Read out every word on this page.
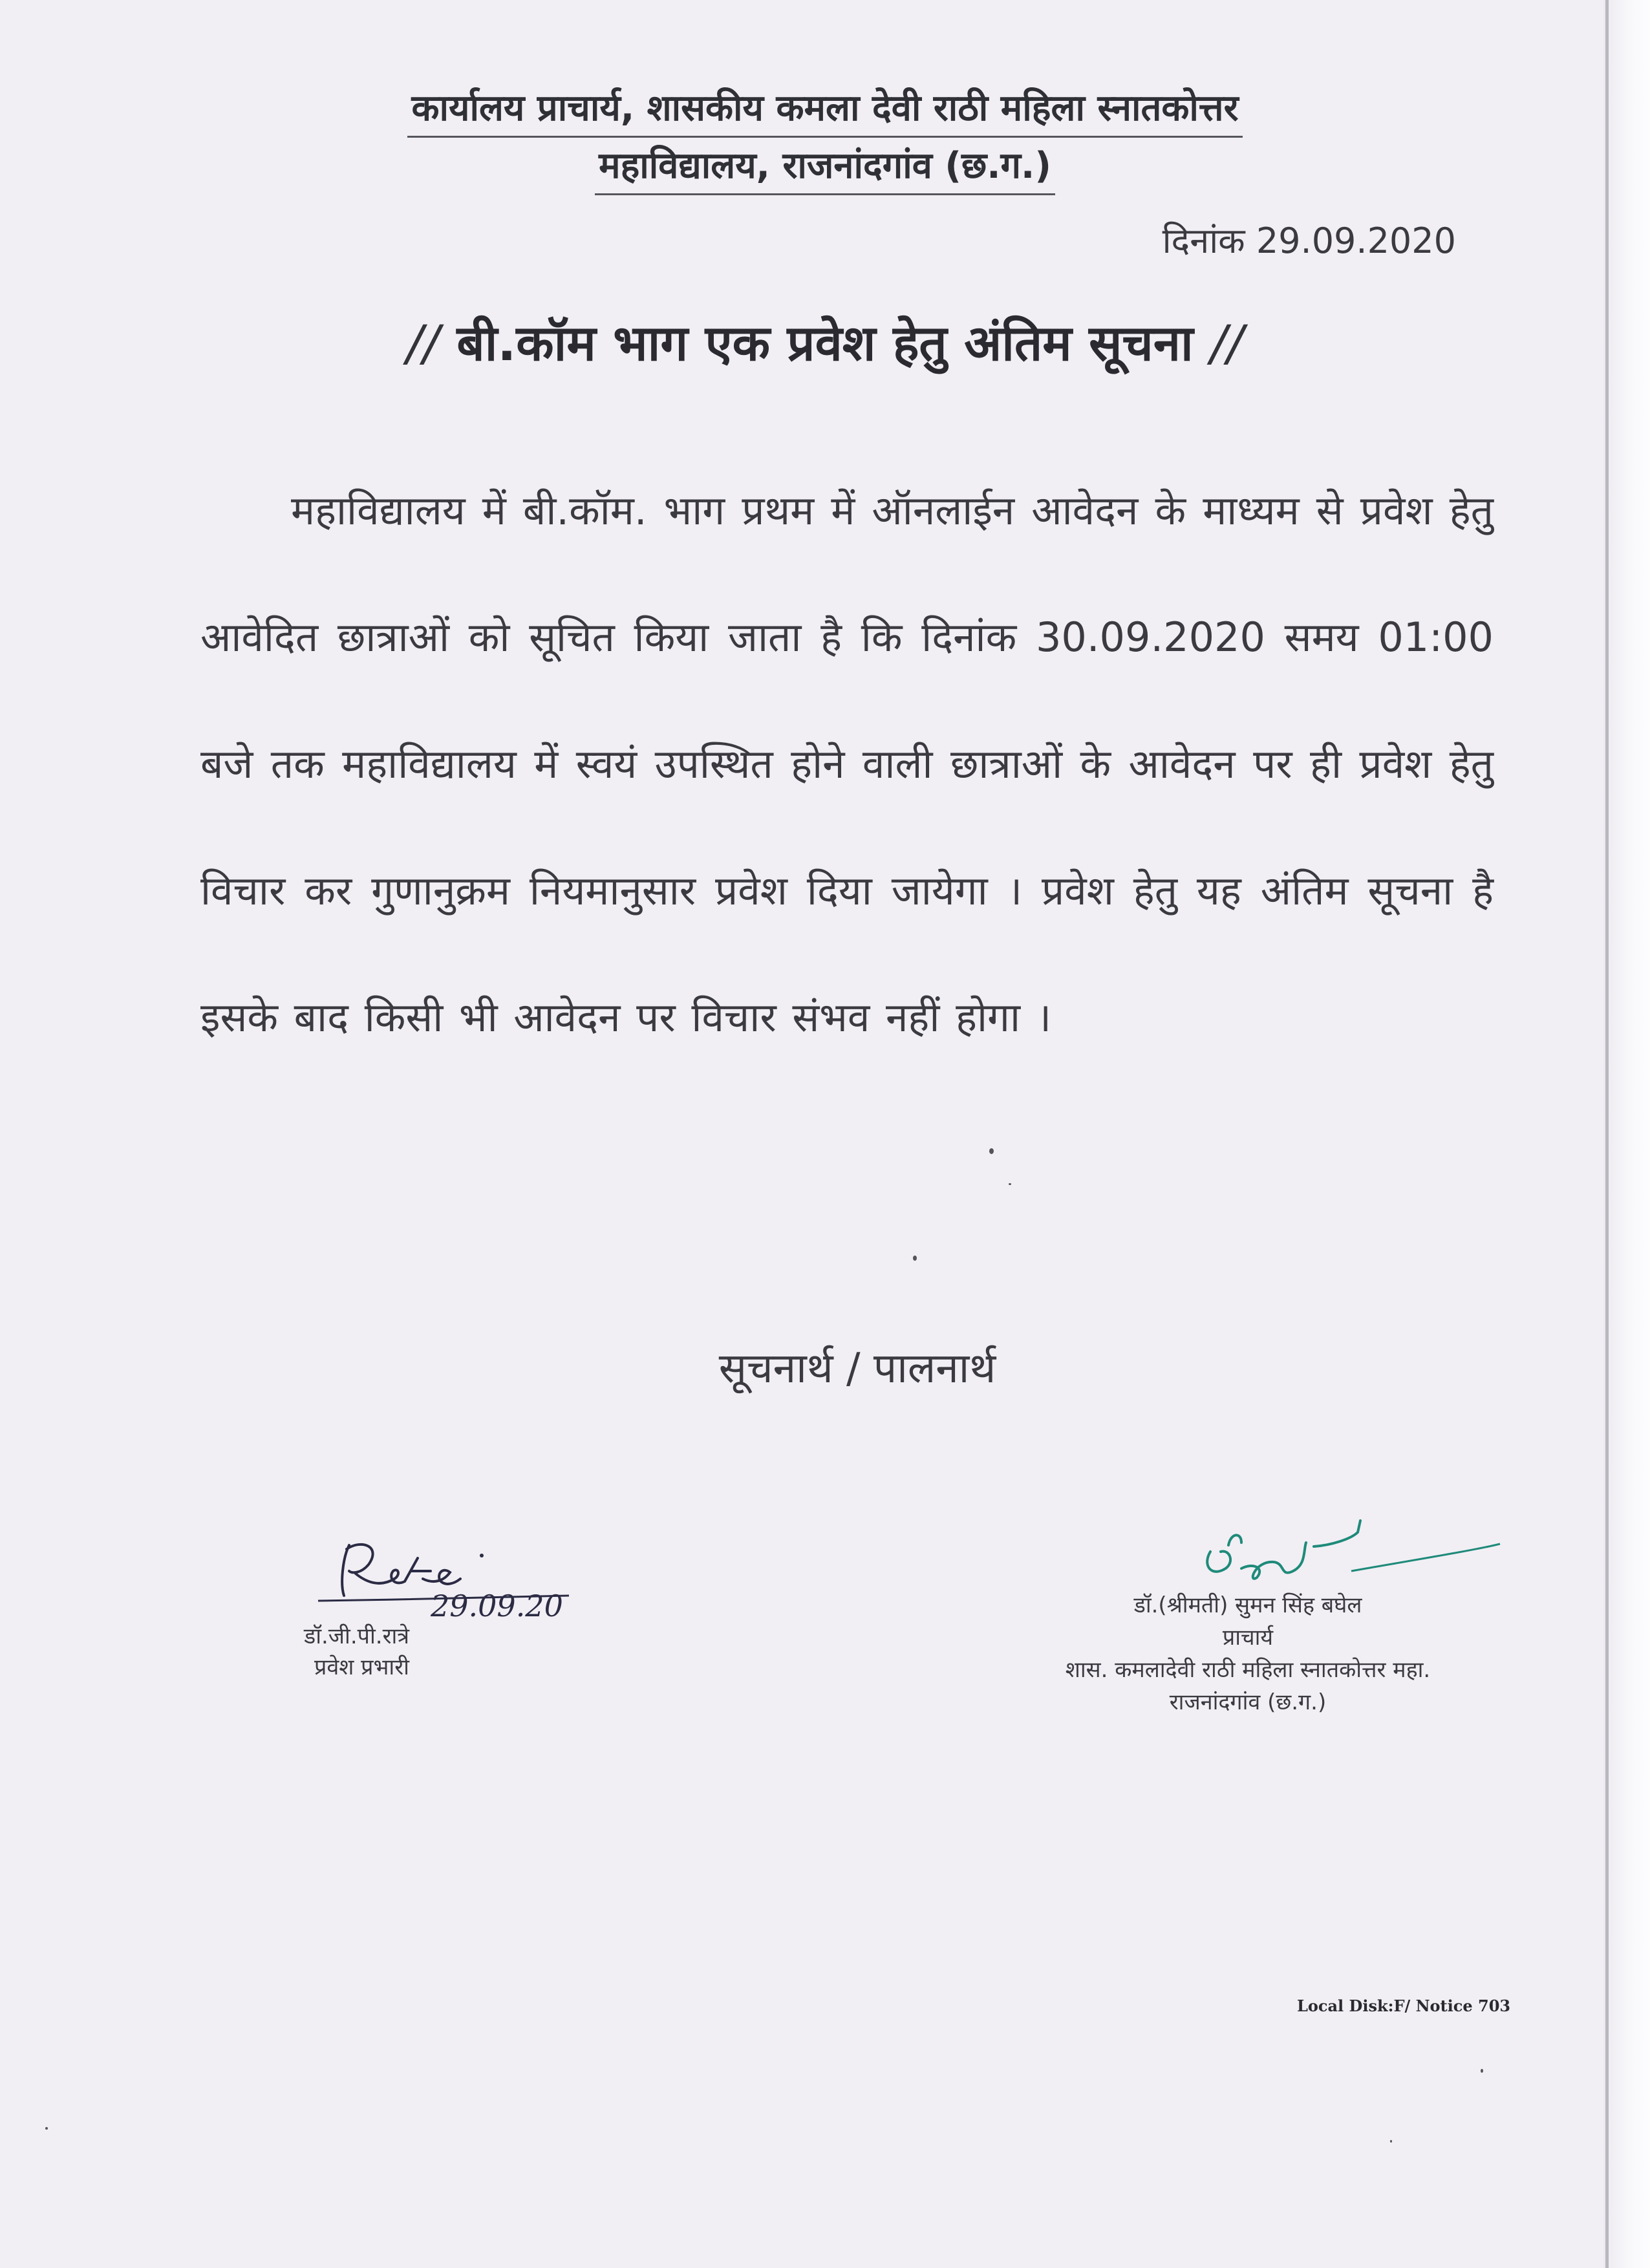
कार्यालय प्राचार्य, शासकीय कमला देवी राठी महिला स्नातकोत्तर
महाविद्यालय, राजनांदगांव (छ.ग.)
दिनांक 29.09.2020
// बी.कॉम भाग एक प्रवेश हेतु अंतिम सूचना //
महाविद्यालय में बी.कॉम. भाग प्रथम में ऑनलाईन आवेदन के माध्यम से प्रवेश हेतु आवेदित छात्राओं को सूचित किया जाता है कि दिनांक 30.09.2020 समय 01:00 बजे तक महाविद्यालय में स्वयं उपस्थित होने वाली छात्राओं के आवेदन पर ही प्रवेश हेतु विचार कर गुणानुक्रम नियमानुसार प्रवेश दिया जायेगा । प्रवेश हेतु यह अंतिम सूचना है इसके बाद किसी भी आवेदन पर विचार संभव नहीं होगा ।
सूचनार्थ / पालनार्थ
29.09.20
डॉ.जी.पी.रात्रे
प्रवेश प्रभारी
डॉ.(श्रीमती) सुमन सिंह बघेल
प्राचार्य
शास. कमलादेवी राठी महिला स्नातकोत्तर महा.
राजनांदगांव (छ.ग.)
Local Disk:F/ Notice 703
